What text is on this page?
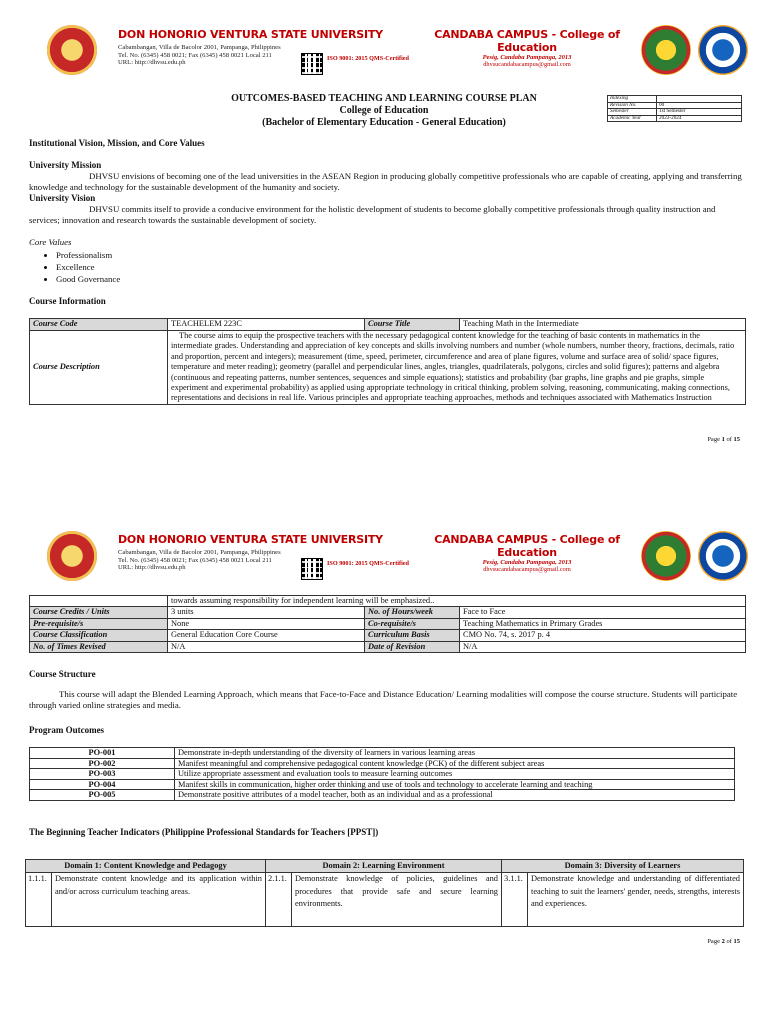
DON HONORIO VENTURA STATE UNIVERSITY
Cabambangan, Villa de Bacolor 2001, Pampanga, Philippines
Tel. No. (6345) 458 0021; Fax (6345) 458 0021 Local 211
URL: http://dhvsu.edu.ph
ISO 9001: 2015 QMS-Certified
CANDABA CAMPUS - College of Education
Pesig, Candaba Pampanga, 2013
dhvsucandabacampus@gmail.com
OUTCOMES-BASED TEACHING AND LEARNING COURSE PLAN
College of Education
(Bachelor of Elementary Education - General Education)
Indexing	
Revision No.	00
Semester	1st Semester
Academic Year	2023-2024
Institutional Vision, Mission, and Core Values
University Mission
DHVSU envisions of becoming one of the lead universities in the ASEAN Region in producing globally competitive professionals who are capable of creating, applying and transferring knowledge and technology for the sustainable development of the humanity and society.
University Vision
DHVSU commits itself to provide a conducive environment for the holistic development of students to become globally competitive professionals through quality instruction and services; innovation and research towards the sustainable development of society.
Core Values
• Professionalism
• Excellence
• Good Governance
Course Information
Course Code	TEACHELEM 223C	Course Title	Teaching Math in the Intermediate
Course Description	The course aims to equip the prospective teachers with the necessary pedagogical content knowledge for the teaching of basic contents in mathematics in the intermediate grades. Understanding and appreciation of key concepts and skills involving numbers and number (whole numbers, number theory, fractions, decimals, ratio and proportion, percent and integers); measurement (time, speed, perimeter, circumference and area of plane figures, volume and surface area of solid/ space figures, temperature and meter reading); geometry (parallel and perpendicular lines, angles, triangles, quadrilaterals, polygons, circles and solid figures); patterns and algebra (continuous and repeating patterns, number sentences, sequences and simple equations); statistics and probability (bar graphs, line graphs and pie graphs, simple experiment and experimental probability) as applied using appropriate technology in critical thinking, problem solving, reasoning, communicating, making connections, representations and decisions in real life. Various principles and appropriate teaching approaches, methods and techniques associated with Mathematics Instruction		
Page 1 of 15
DON HONORIO VENTURA STATE UNIVERSITY
Cabambangan, Villa de Bacolor 2001, Pampanga, Philippines
Tel. No. (6345) 458 0021; Fax (6345) 458 0021 Local 211
URL: http://dhvsu.edu.ph
ISO 9001: 2015 QMS-Certified
CANDABA CAMPUS - College of Education
Pesig, Candaba Pampanga, 2013
dhvsucandabacampus@gmail.com
	towards assuming responsibility for independent learning will be emphasized..		
Course Credits / Units	3 units	No. of Hours/week	Face to Face
Pre-requisite/s	None	Co-requisite/s	Teaching Mathematics in Primary Grades
Course Classification	General Education Core Course	Curriculum Basis	CMO No. 74, s. 2017 p. 4
No. of Times Revised	N/A	Date of Revision	N/A
Course Structure
This course will adapt the Blended Learning Approach, which means that Face-to-Face and Distance Education/ Learning modalities will compose the course structure. Students will participate through varied online strategies and media.
Program Outcomes
PO-001	Demonstrate in-depth understanding of the diversity of learners in various learning areas
PO-002	Manifest meaningful and comprehensive pedagogical content knowledge (PCK) of the different subject areas
PO-003	Utilize appropriate assessment and evaluation tools to measure learning outcomes
PO-004	Manifest skills in communication, higher order thinking and use of tools and technology to accelerate learning and teaching
PO-005	Demonstrate positive attributes of a model teacher, both as an individual and as a professional
The Beginning Teacher Indicators (Philippine Professional Standards for Teachers [PPST])
Domain 1: Content Knowledge and Pedagogy		Domain 2: Learning Environment		Domain 3: Diversity of Learners	
1.1.1.	Demonstrate content knowledge and its application within and/or across curriculum teaching areas.	2.1.1.	Demonstrate knowledge of policies, guidelines and procedures that provide safe and secure learning environments.	3.1.1.	Demonstrate knowledge and understanding of differentiated teaching to suit the learners' gender, needs, strengths, interests and experiences.
Page 2 of 15
